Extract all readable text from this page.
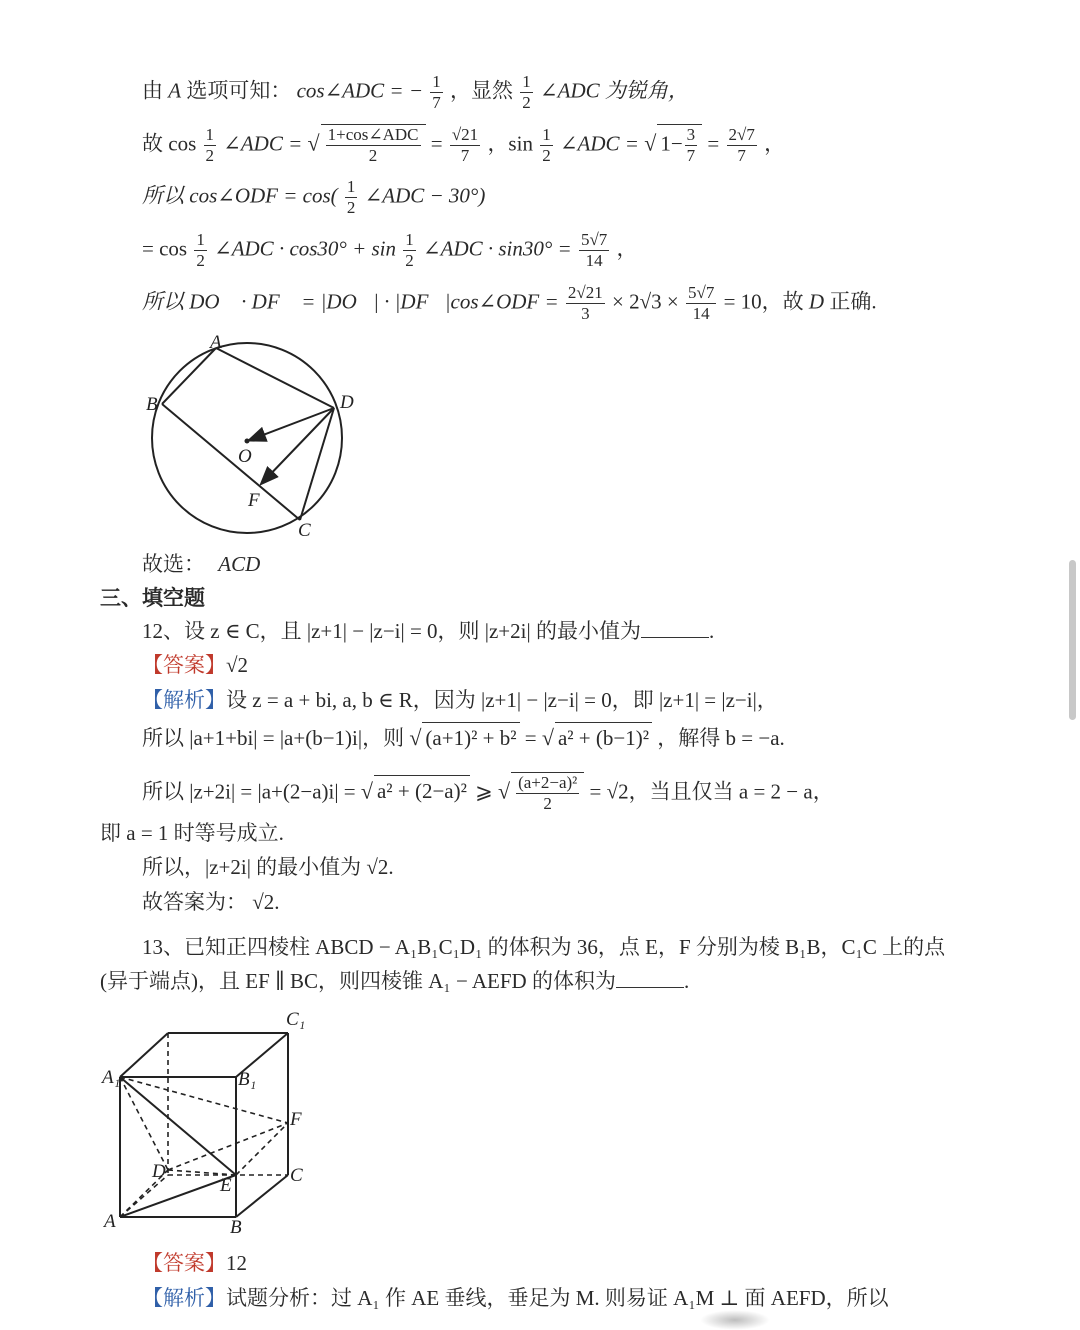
由 A 选项可知： cos∠ADC = − $\frac{1}{7}$ ，显然 $\frac{1}{2}$ ∠ADC 为锐角，
故 $\cos \frac{1}{2}$ ∠ADC = √ $\frac{\text{1+cos∠ADC}}{2} = \frac{√21}{7}$ ，$\sin \frac{1}{2}$ ∠ADC = √ $1- \frac{3}{7} = \frac{2√7}{7}$ ，
所以 cos∠ODF = $\cos( \frac{1}{2}$ ∠ADC − 30°)
= $\cos \frac{1}{2}$ ∠ADC · $\cos 30^\circ + \sin \frac{1}{2}$ ∠ADC · $\sin 30^\circ = \frac{5√7}{14}$ ，
所以 DO⃗ · DF⃗ = |DO⃗| · |DF⃗|cos∠ODF = $\frac{2√21}{3} \times 2√3 \times \frac{5√7}{14} = 10$，故 D 正确.
A
B	D
O
F
C
故选： ACD
三、填空题
12、设 z ∈ C，且 |z+1| − |z−i| = 0，则 |z+2i| 的最小值为	.
【答案】√2
【解析】设 z = a + bi, a, b ∈ R，因为 |z+1| − |z−i| = 0，即 |z+1| = |z−i|，
所以 |a+1+bi| = |a+(b−1)i|，则 √ (a+1)² + b² = √ a² + (b−1)² ，解得 b = −a.
所以 |z+2i| = |a+(2−a)i| = √ a² + (2−a)² ⩾ √ $\frac{\text{(a+2−a)²}}{2} = √2$，当且仅当 a = 2 − a，
即 a = 1 时等号成立.
所以，|z+2i| 的最小值为 √2.
故答案为： √2.
13、已知正四棱柱 ABCD − A₁B₁C₁D₁ 的体积为 36，点 E，F 分别为棱 B₁B，C₁C 上的点
(异于端点)，且 EF ∥ BC，则四棱锥 A₁ − AEFD 的体积为	.
C₁
A₁	B₁
F
D
E	C
A	B
【答案】12
【解析】试题分析：过 A₁ 作 AE 垂线，垂足为 M. 则易证 A₁M ⊥ 面 AEFD，所以
